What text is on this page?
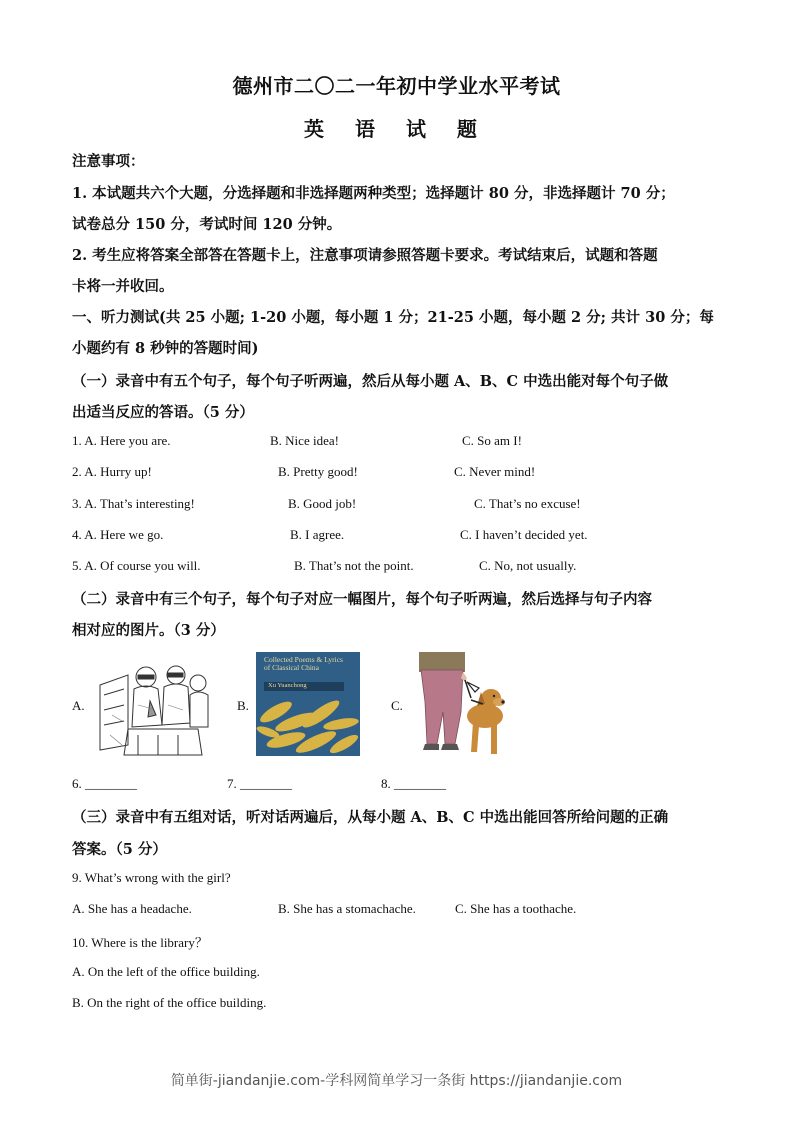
德州市二〇二一年初中学业水平考试
英 语 试 题
注意事项：
1. 本试题共六个大题，分选择题和非选择题两种类型；选择题计 80 分，非选择题计 70 分；
试卷总分 150 分，考试时间 120 分钟。
2. 考生应将答案全部答在答题卡上，注意事项请参照答题卡要求。考试结束后，试题和答题
卡将一并收回。
一、听力测试(共 25 小题; 1-20 小题，每小题 1 分；21-25 小题，每小题 2 分; 共计 30 分；每
小题约有 8 秒钟的答题时间)
（一）录音中有五个句子，每个句子听两遍，然后从每小题 A、B、C 中选出能对每个句子做
出适当反应的答语。（5 分）
1. A. Here you are.	B. Nice idea!	C. So am I!
2. A. Hurry up!	B. Pretty good!	C. Never mind!
3. A. That’s interesting!	B. Good job!	C. That’s no excuse!
4. A. Here we go.	B. I agree.	C. I haven’t decided yet.
5. A. Of course you will.	B. That’s not the point.	C. No, not usually.
（二）录音中有三个句子，每个句子对应一幅图片，每个句子听两遍，然后选择与句子内容
相对应的图片。（3 分）
A.	B.
Collected Poems & Lyrics
of Classical China
Xu Yuanchong
C.
6. ________	7. ________	8. ________
（三）录音中有五组对话，听对话两遍后，从每小题 A、B、C 中选出能回答所给问题的正确
答案。（5 分）
9. What’s wrong with the girl?
A. She has a headache.	B. She has a stomachache.	C. She has a toothache.
10. Where is the library？
A. On the left of the office building.
B. On the right of the office building.
简单街-jiandanjie.com-学科网简单学习一条街 https://jiandanjie.com
